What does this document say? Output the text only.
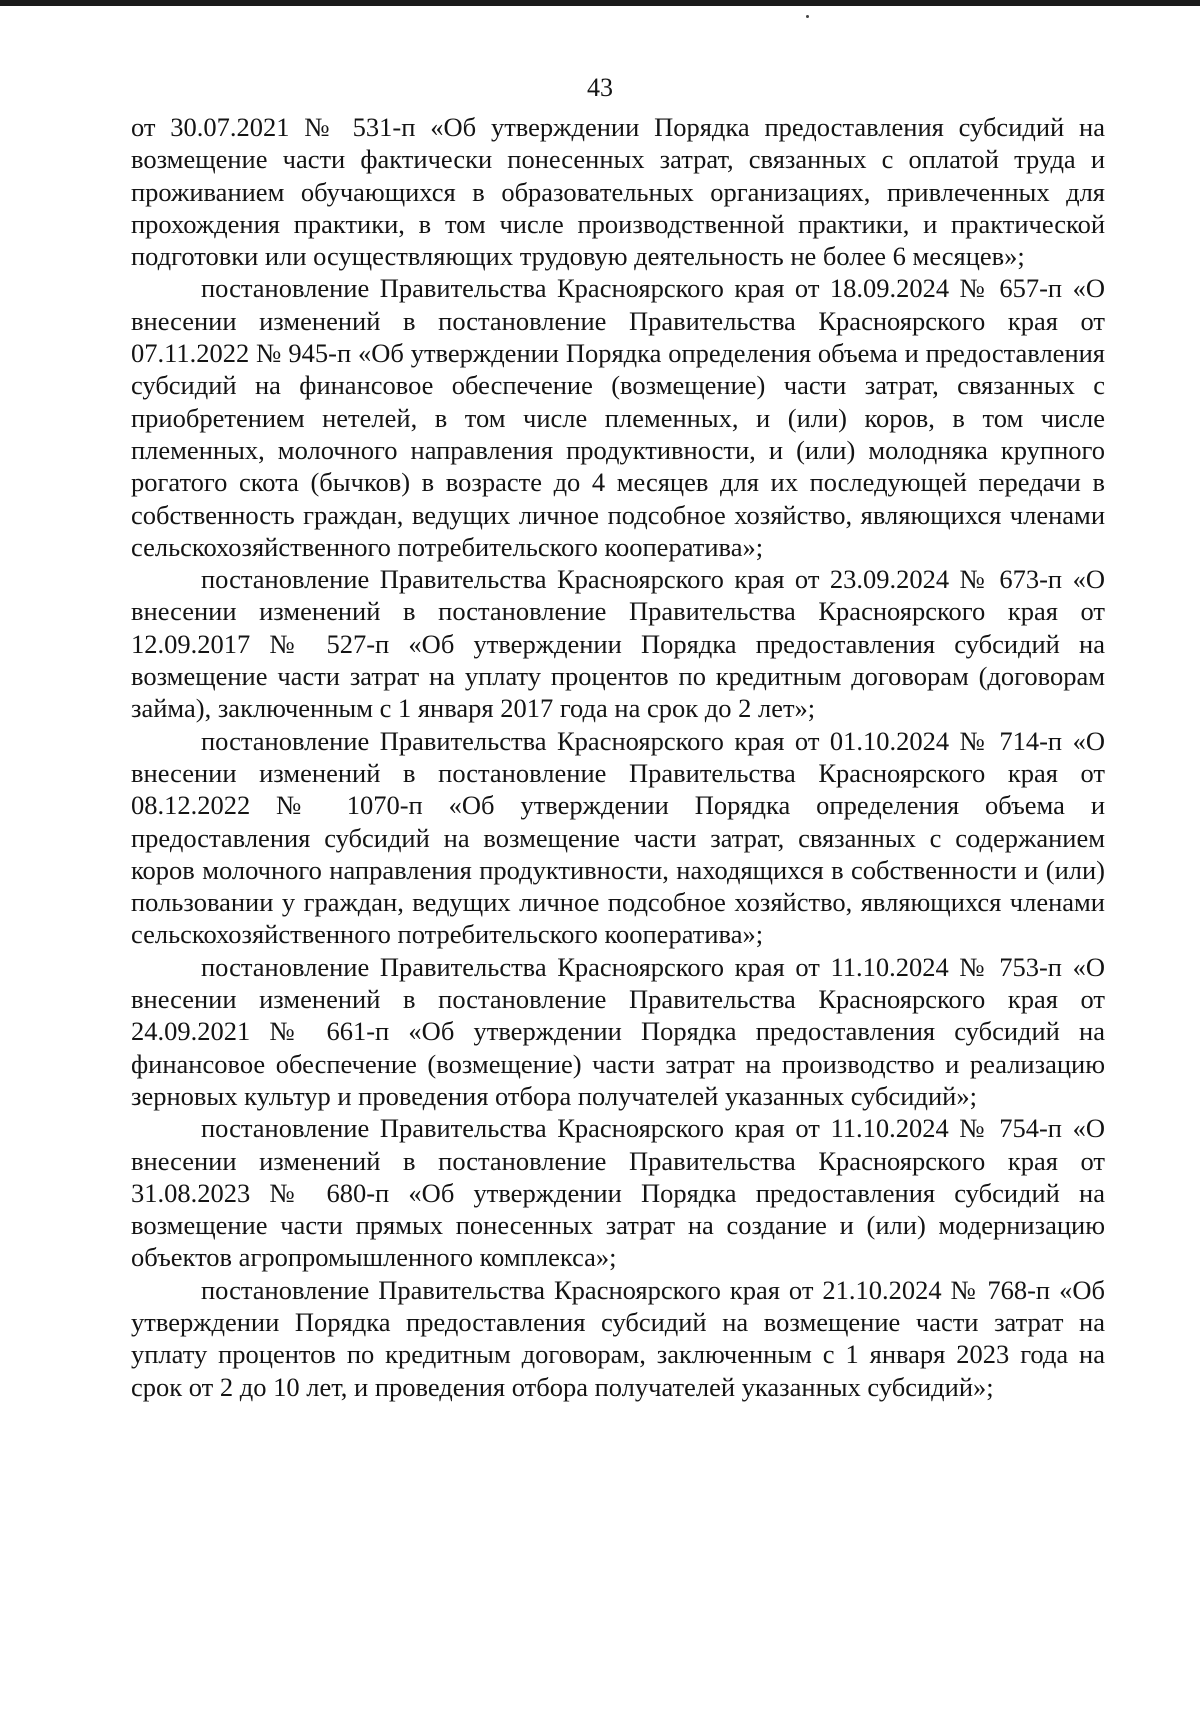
43

от 30.07.2021 № 531-п «Об утверждении Порядка предоставления субсидий на возмещение части фактически понесенных затрат, связанных с оплатой труда и проживанием обучающихся в образовательных организациях, привлеченных для прохождения практики, в том числе производственной практики, и практической подготовки или осуществляющих трудовую деятельность не более 6 месяцев»;

постановление Правительства Красноярского края от 18.09.2024 № 657-п «О внесении изменений в постановление Правительства Красноярского края от 07.11.2022 № 945-п «Об утверждении Порядка определения объема и предоставления субсидий на финансовое обеспечение (возмещение) части затрат, связанных с приобретением нетелей, в том числе племенных, и (или) коров, в том числе племенных, молочного направления продуктивности, и (или) молодняка крупного рогатого скота (бычков) в возрасте до 4 месяцев для их последующей передачи в собственность граждан, ведущих личное подсобное хозяйство, являющихся членами сельскохозяйственного потребительского кооператива»;

постановление Правительства Красноярского края от 23.09.2024 № 673-п «О внесении изменений в постановление Правительства Красноярского края от 12.09.2017 № 527-п «Об утверждении Порядка предоставления субсидий на возмещение части затрат на уплату процентов по кредитным договорам (договорам займа), заключенным с 1 января 2017 года на срок до 2 лет»;

постановление Правительства Красноярского края от 01.10.2024 № 714-п «О внесении изменений в постановление Правительства Красноярского края от 08.12.2022 № 1070-п «Об утверждении Порядка определения объема и предоставления субсидий на возмещение части затрат, связанных с содержанием коров молочного направления продуктивности, находящихся в собственности и (или) пользовании у граждан, ведущих личное подсобное хозяйство, являющихся членами сельскохозяйственного потребительского кооператива»;

постановление Правительства Красноярского края от 11.10.2024 № 753-п «О внесении изменений в постановление Правительства Красноярского края от 24.09.2021 № 661-п «Об утверждении Порядка предоставления субсидий на финансовое обеспечение (возмещение) части затрат на производство и реализацию зерновых культур и проведения отбора получателей указанных субсидий»;

постановление Правительства Красноярского края от 11.10.2024 № 754-п «О внесении изменений в постановление Правительства Красноярского края от 31.08.2023 № 680-п «Об утверждении Порядка предоставления субсидий на возмещение части прямых понесенных затрат на создание и (или) модернизацию объектов агропромышленного комплекса»;

постановление Правительства Красноярского края от 21.10.2024 № 768-п «Об утверждении Порядка предоставления субсидий на возмещение части затрат на уплату процентов по кредитным договорам, заключенным с 1 января 2023 года на срок от 2 до 10 лет, и проведения отбора получателей указанных субсидий»;
